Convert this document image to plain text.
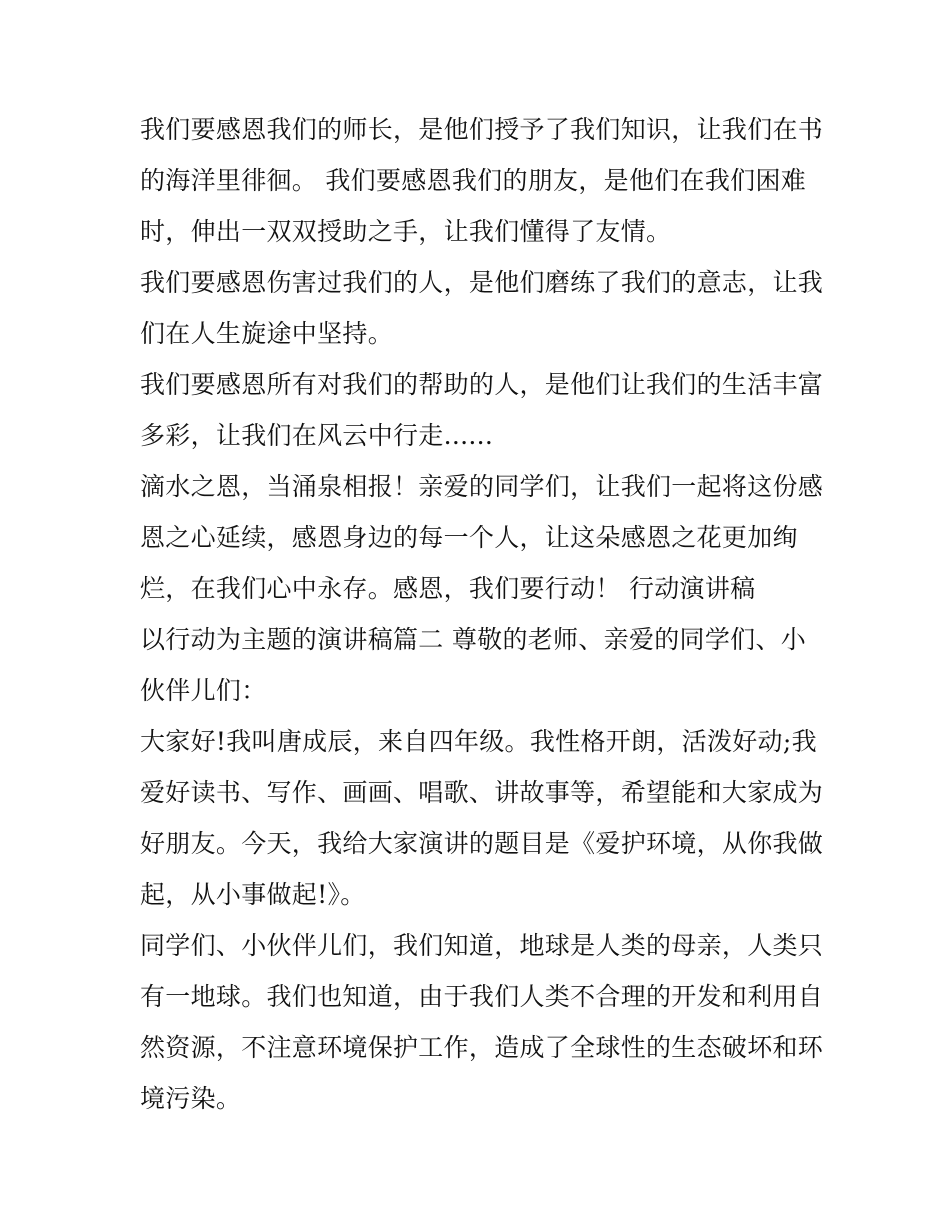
我们要感恩我们的师长，是他们授予了我们知识，让我们在书
的海洋里徘徊。 我们要感恩我们的朋友，是他们在我们困难
时，伸出一双双授助之手，让我们懂得了友情。
我们要感恩伤害过我们的人，是他们磨练了我们的意志，让我
们在人生旋途中坚持。
我们要感恩所有对我们的帮助的人，是他们让我们的生活丰富
多彩，让我们在风云中行走......
滴水之恩，当涌泉相报！亲爱的同学们，让我们一起将这份感
恩之心延续，感恩身边的每一个人，让这朵感恩之花更加绚
烂，在我们心中永存。感恩，我们要行动！ 行动演讲稿
以行动为主题的演讲稿篇二 尊敬的老师、亲爱的同学们、小
伙伴儿们：
大家好!我叫唐成辰，来自四年级。我性格开朗，活泼好动;我
爱好读书、写作、画画、唱歌、讲故事等，希望能和大家成为
好朋友。今天，我给大家演讲的题目是《爱护环境，从你我做
起，从小事做起!》。
同学们、小伙伴儿们，我们知道，地球是人类的母亲，人类只
有一地球。我们也知道，由于我们人类不合理的开发和利用自
然资源，不注意环境保护工作，造成了全球性的生态破坏和环
境污染。
